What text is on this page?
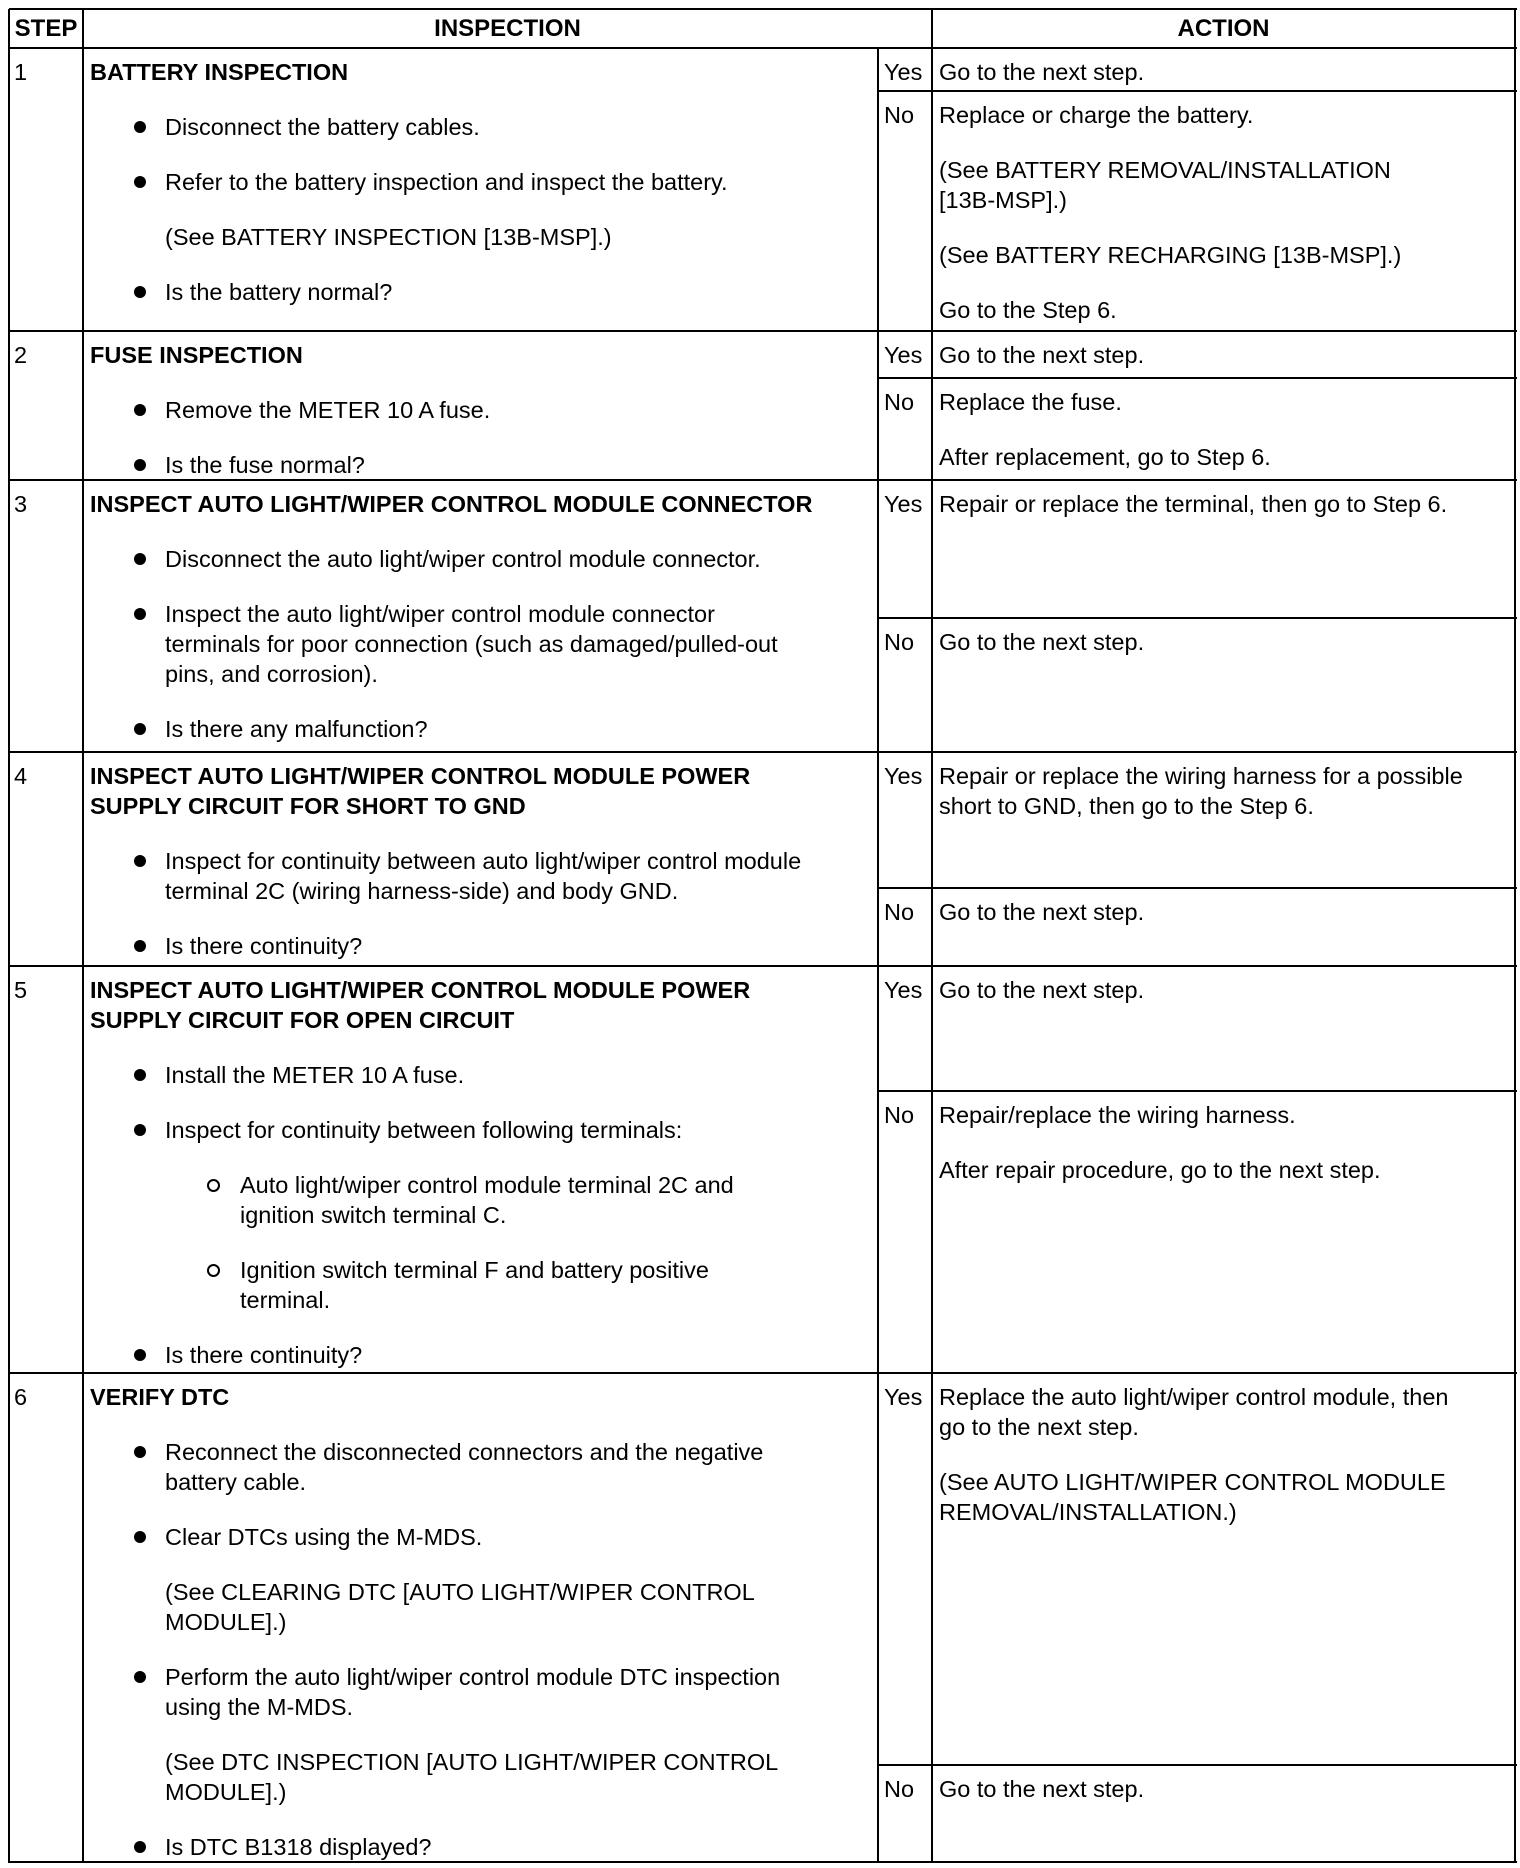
STEP	INSPECTION	ACTION
1	BATTERY INSPECTION
Disconnect the battery cables.
Refer to the battery inspection and inspect the battery.
(See BATTERY INSPECTION [13B-MSP].)
Is the battery normal?
Yes Go to the next step.
No Replace or charge the battery.
(See BATTERY REMOVAL/INSTALLATION
[13B-MSP].)
(See BATTERY RECHARGING [13B-MSP].)
Go to the Step 6.
2	FUSE INSPECTION
Remove the METER 10 A fuse.
Is the fuse normal?
Yes Go to the next step.
No Replace the fuse.
After replacement, go to Step 6.
3	INSPECT AUTO LIGHT/WIPER CONTROL MODULE CONNECTOR
Disconnect the auto light/wiper control module connector.
Inspect the auto light/wiper control module connector
terminals for poor connection (such as damaged/pulled-out
pins, and corrosion).
Is there any malfunction?
Yes Repair or replace the terminal, then go to Step 6.
No Go to the next step.
4	INSPECT AUTO LIGHT/WIPER CONTROL MODULE POWER
SUPPLY CIRCUIT FOR SHORT TO GND
Inspect for continuity between auto light/wiper control module
terminal 2C (wiring harness-side) and body GND.
Is there continuity?
Yes Repair or replace the wiring harness for a possible
short to GND, then go to the Step 6.
No Go to the next step.
5	INSPECT AUTO LIGHT/WIPER CONTROL MODULE POWER
SUPPLY CIRCUIT FOR OPEN CIRCUIT
Install the METER 10 A fuse.
Inspect for continuity between following terminals:
Auto light/wiper control module terminal 2C and
ignition switch terminal C.
Ignition switch terminal F and battery positive
terminal.
Is there continuity?
Yes Go to the next step.
No Repair/replace the wiring harness.
After repair procedure, go to the next step.
6	VERIFY DTC
Reconnect the disconnected connectors and the negative
battery cable.
Clear DTCs using the M-MDS.
(See CLEARING DTC [AUTO LIGHT/WIPER CONTROL
MODULE].)
Perform the auto light/wiper control module DTC inspection
using the M-MDS.
(See DTC INSPECTION [AUTO LIGHT/WIPER CONTROL
MODULE].)
Is DTC B1318 displayed?
Yes Replace the auto light/wiper control module, then
go to the next step.
(See AUTO LIGHT/WIPER CONTROL MODULE
REMOVAL/INSTALLATION.)
No Go to the next step.
